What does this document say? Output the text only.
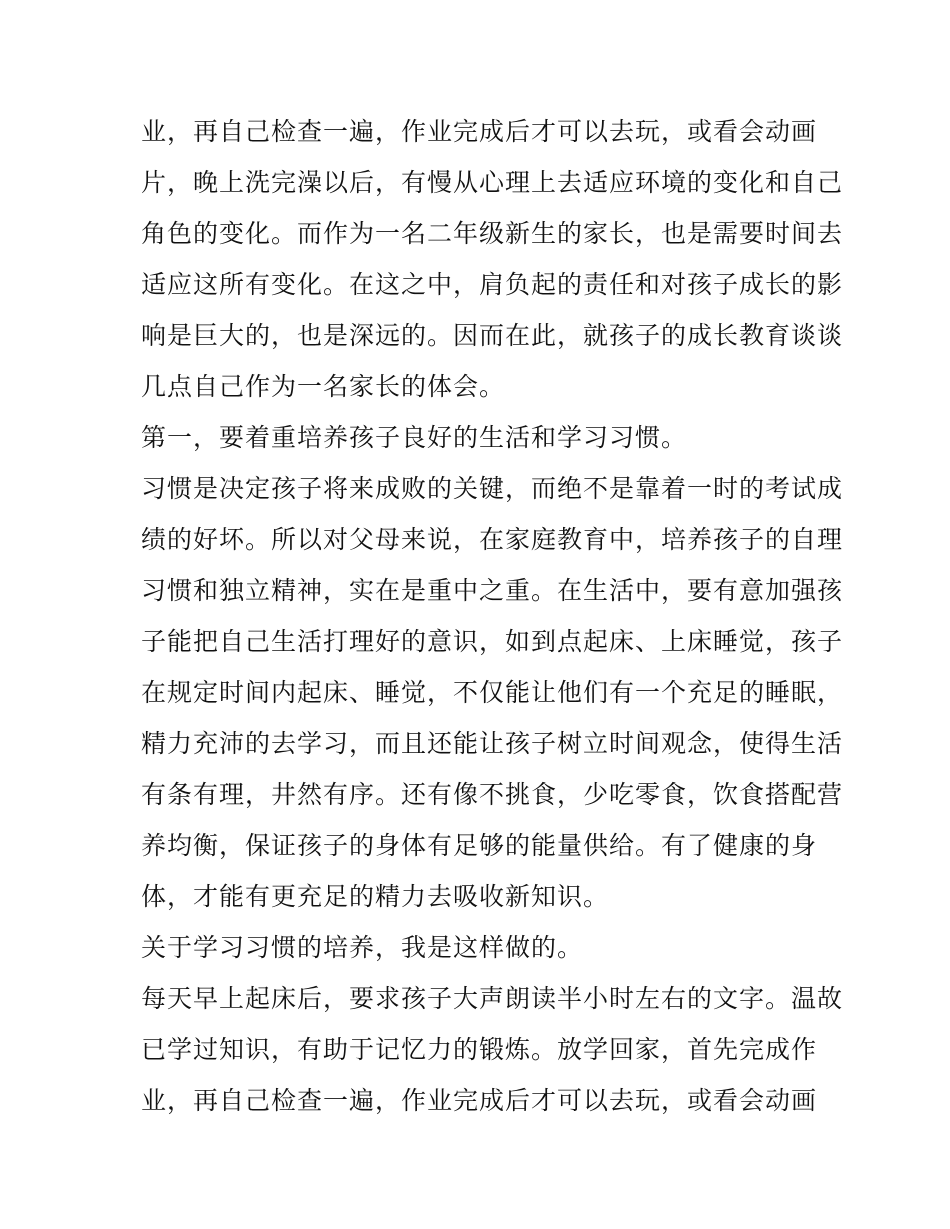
业，再自己检查一遍，作业完成后才可以去玩，或看会动画
片，晚上洗完澡以后，有慢从心理上去适应环境的变化和自己
角色的变化。而作为一名二年级新生的家长，也是需要时间去
适应这所有变化。在这之中，肩负起的责任和对孩子成长的影
响是巨大的，也是深远的。因而在此，就孩子的成长教育谈谈
几点自己作为一名家长的体会。
第一，要着重培养孩子良好的生活和学习习惯。
习惯是决定孩子将来成败的关键，而绝不是靠着一时的考试成
绩的好坏。所以对父母来说，在家庭教育中，培养孩子的自理
习惯和独立精神，实在是重中之重。在生活中，要有意加强孩
子能把自己生活打理好的意识，如到点起床、上床睡觉，孩子
在规定时间内起床、睡觉，不仅能让他们有一个充足的睡眠，
精力充沛的去学习，而且还能让孩子树立时间观念，使得生活
有条有理，井然有序。还有像不挑食，少吃零食，饮食搭配营
养均衡，保证孩子的身体有足够的能量供给。有了健康的身
体，才能有更充足的精力去吸收新知识。
关于学习习惯的培养，我是这样做的。
每天早上起床后，要求孩子大声朗读半小时左右的文字。温故
已学过知识，有助于记忆力的锻炼。放学回家，首先完成作
业，再自己检查一遍，作业完成后才可以去玩，或看会动画
